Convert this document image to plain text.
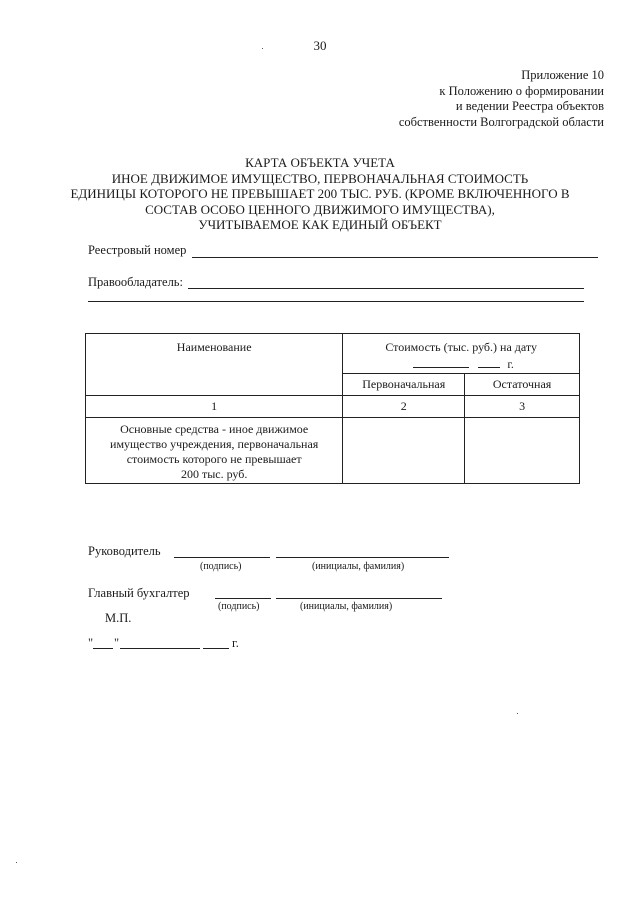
30
Приложение 10
к Положению о формировании
и ведении Реестра объектов
собственности Волгоградской области
КАРТА ОБЪЕКТА УЧЕТА
ИНОЕ ДВИЖИМОЕ ИМУЩЕСТВО, ПЕРВОНАЧАЛЬНАЯ СТОИМОСТЬ
ЕДИНИЦЫ КОТОРОГО НЕ ПРЕВЫШАЕТ 200 ТЫС. РУБ. (КРОМЕ ВКЛЮЧЕННОГО В
СОСТАВ ОСОБО ЦЕННОГО ДВИЖИМОГО ИМУЩЕСТВА),
УЧИТЫВАЕМОЕ КАК ЕДИНЫЙ ОБЪЕКТ
Реестровый номер
Правообладатель:
Наименование	Стоимость (тыс. руб.) на дату
г.	

	Первоначальная	Остаточная
1	2	3

Основные средства - иное движимое
имущество учреждения, первоначальная
стоимость которого не превышает
200 тыс. руб.		

Руководитель
(подпись)	(инициалы, фамилия)
Главный бухгалтер
(подпись)	(инициалы, фамилия)
М.П.
" "	г.
